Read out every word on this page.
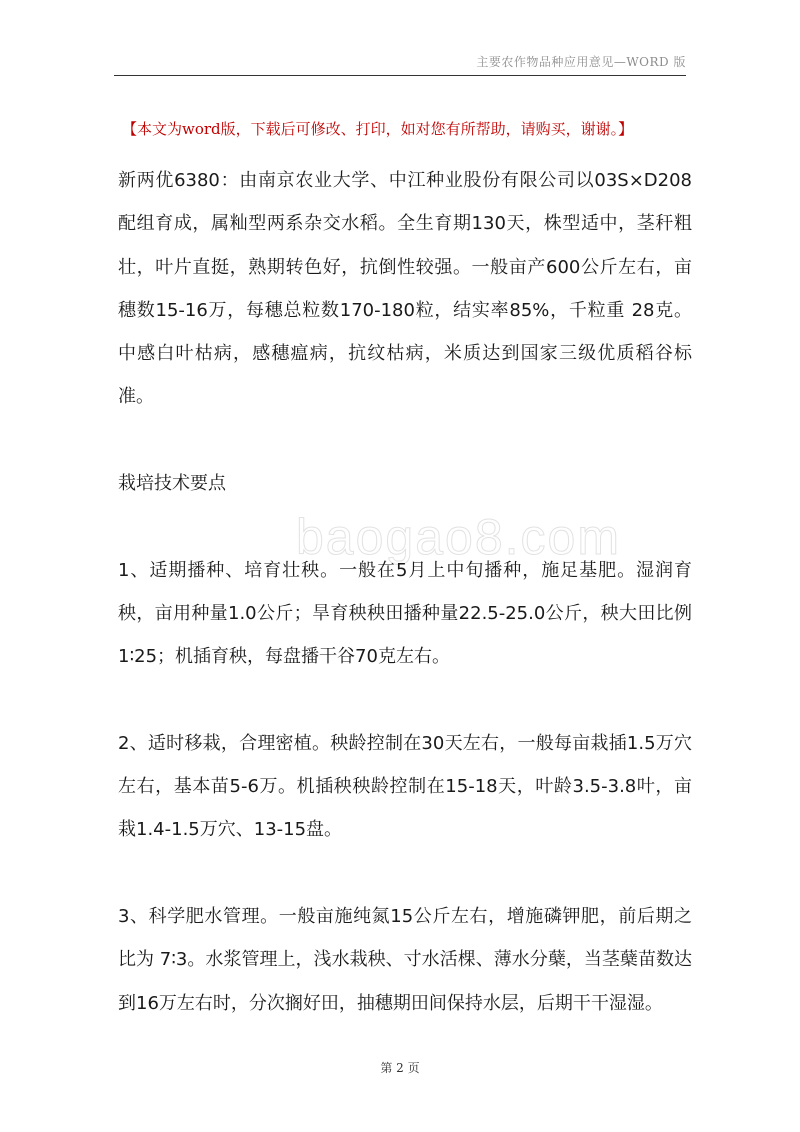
主要农作物品种应用意见—WORD 版
【本文为word版，下载后可修改、打印，如对您有所帮助，请购买，谢谢。】
baogao8.com

新两优6380：由南京农业大学、中江种业股份有限公司以03S×D208配组育成，属籼型两系杂交水稻。全生育期130天，株型适中，茎秆粗壮，叶片直挺，熟期转色好，抗倒性较强。一般亩产600公斤左右，亩穗数15-16万，每穗总粒数170-180粒，结实率85%，千粒重 28克。中感白叶枯病，感穗瘟病，抗纹枯病，米质达到国家三级优质稻谷标准。

栽培技术要点

1、适期播种、培育壮秧。一般在5月上中旬播种，施足基肥。湿润育秧，亩用种量1.0公斤；旱育秧秧田播种量22.5-25.0公斤，秧大田比例1∶25；机插育秧，每盘播干谷70克左右。

2、适时移栽，合理密植。秧龄控制在30天左右，一般每亩栽插1.5万穴左右，基本苗5-6万。机插秧秧龄控制在15-18天，叶龄3.5-3.8叶，亩栽1.4-1.5万穴、13-15盘。

3、科学肥水管理。一般亩施纯氮15公斤左右，增施磷钾肥，前后期之比为 7∶3。水浆管理上，浅水栽秧、寸水活棵、薄水分蘖，当茎蘖苗数达到16万左右时，分次搁好田，抽穗期田间保持水层，后期干干湿湿。

第 2 页
